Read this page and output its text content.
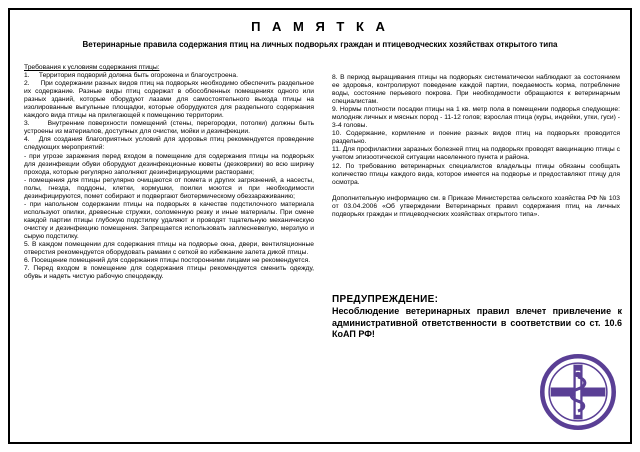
П А М Я Т К А
Ветеринарные правила содержания птиц на личных подворьях граждан и птицеводческих хозяйствах открытого типа

Требования к условиям содержания птицы:

1.     Территория подворий должна быть огорожена и благоустроена.

2.     При содержании разных видов птиц на подворьях необходимо обеспечить раздельное их содержание. Разные виды птиц содержат в обособленных помещениях одного или разных зданий, которые оборудуют лазами для самостоятельного выхода птицы на изолированные выгульные площадки, которые оборудуются для раздельного содержания каждого вида птицы на прилегающей к помещению территории.

3.     Внутренние поверхности помещений (стены, перегородки, потолки) должны быть устроены из материалов, доступных для очистки, мойки и дезинфекции.

4.   Для создания благоприятных условий для здоровья птиц рекомендуется проведение следующих мероприятий:

- при угрозе заражения перед входом в помещение для содержания птицы на подворьях для дезинфекции обуви оборудуют дезинфекционные кюветы (дезковрики) во всю ширину прохода, которые регулярно заполняют дезинфицирующими растворами;

- помещения для птицы регулярно очищаются от помета и других загрязнений, а насесты, полы, гнезда, поддоны, клетки, кормушки, поилки моются и при необходимости дезинфицируются, помет собирают и подвергают биотермическому обеззараживанию;

- при напольном содержании птицы на подворьях в качестве подстилочного материала используют опилки, древесные стружки, соломенную резку и иные материалы. При смене каждой партии птицы глубокую подстилку удаляют и проводят тщательную механическую очистку и дезинфекцию помещения. Запрещается использовать заплесневелую, мерзлую и сырую подстилку.

5. В каждом помещении для содержания птицы на подворье окна, двери, вентиляционные отверстия рекомендуется оборудовать рамами с сеткой во избежание залета дикой птицы.

6. Посещение помещений для содержания птицы посторонними лицами не рекомендуется.

7. Перед входом в помещение для содержания птицы рекомендуется сменить одежду, обувь и надеть чистую рабочую спецодежду.

8. В период выращивания птицы на подворьях систематически наблюдают за состоянием ее здоровья, контролируют поведение каждой партии, поедаемость корма, потребление воды, состояние перьевого покрова. При необходимости обращаются к ветеринарным специалистам.

9. Нормы плотности посадки птицы на 1 кв. метр пола в помещении подворья следующие: молодняк личных и мясных пород - 11-12 голов; взрослая птица (куры, индейки, утки, гуси) - 3-4 головы.

10. Содержание, кормление и поение разных видов птиц на подворьях проводится раздельно.

11. Для профилактики заразных болезней птиц на подворьях проводят вакцинацию птицы с учетом эпизоотической ситуации населенного пункта и района.

12. По требованию ветеринарных специалистов владельцы птицы обязаны сообщать количество птицы каждого вида, которое имеется на подворье и предоставляют птицу для осмотра.

Дополнительную информацию см. в Приказе Министерства сельского хозяйства РФ № 103 от 03.04.2006 «Об утверждении Ветеринарных правил содержания птиц на личных подворьях граждан и птицеводческих хозяйствах открытого типа».

ПРЕДУПРЕЖДЕНИЕ:
Несоблюдение ветеринарных правил влечет привлечение к административной ответственности в соответствии со ст. 10.6 КоАП РФ!
